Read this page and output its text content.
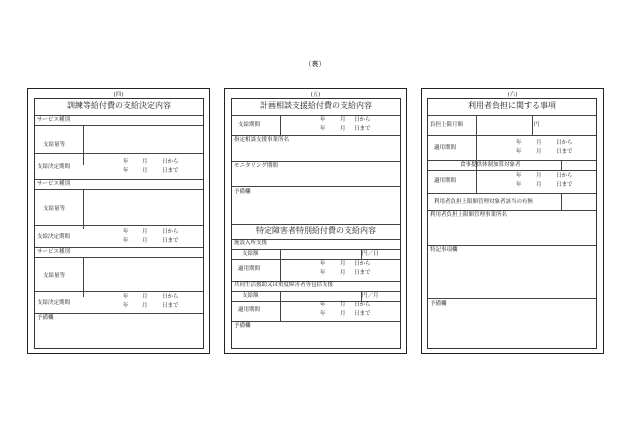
（裏）
(四)
訓練等給付費の支給決定内容
サービス種別
支給量等
支給決定期間
年 月	日から
年 月	日まで
サービス種別
支給量等
支給決定期間
年 月	日から
年 月	日まで
サービス種別
支給量等
支給決定期間
年 月	日から
年 月	日まで
予備欄
(五)
計画相談支援給付費の支給内容
支給期間
年	月 日から
年	月 日まで
指定相談支援事業所名
モニタリング期間
予備欄
特定障害者特別給付費の支給内容
施設入所支援
支給額	円／日
適用期間
年	月 日から
年	月 日まで
共同生活援助又は重度障害者等包括支援
支給額	円／月
適用期間
年	月 日から
年	月 日まで
予備欄
(六)
利用者負担に関する事項
負担上限月額	円
適用期間
年	月	日から
年	月	日まで
食事提供体制加算対象者
適用期間
年	月	日から
年	月	日まで
利用者負担上限額管理対象者該当の有無
利用者負担上限額管理事業所名
特記事項欄
予備欄
